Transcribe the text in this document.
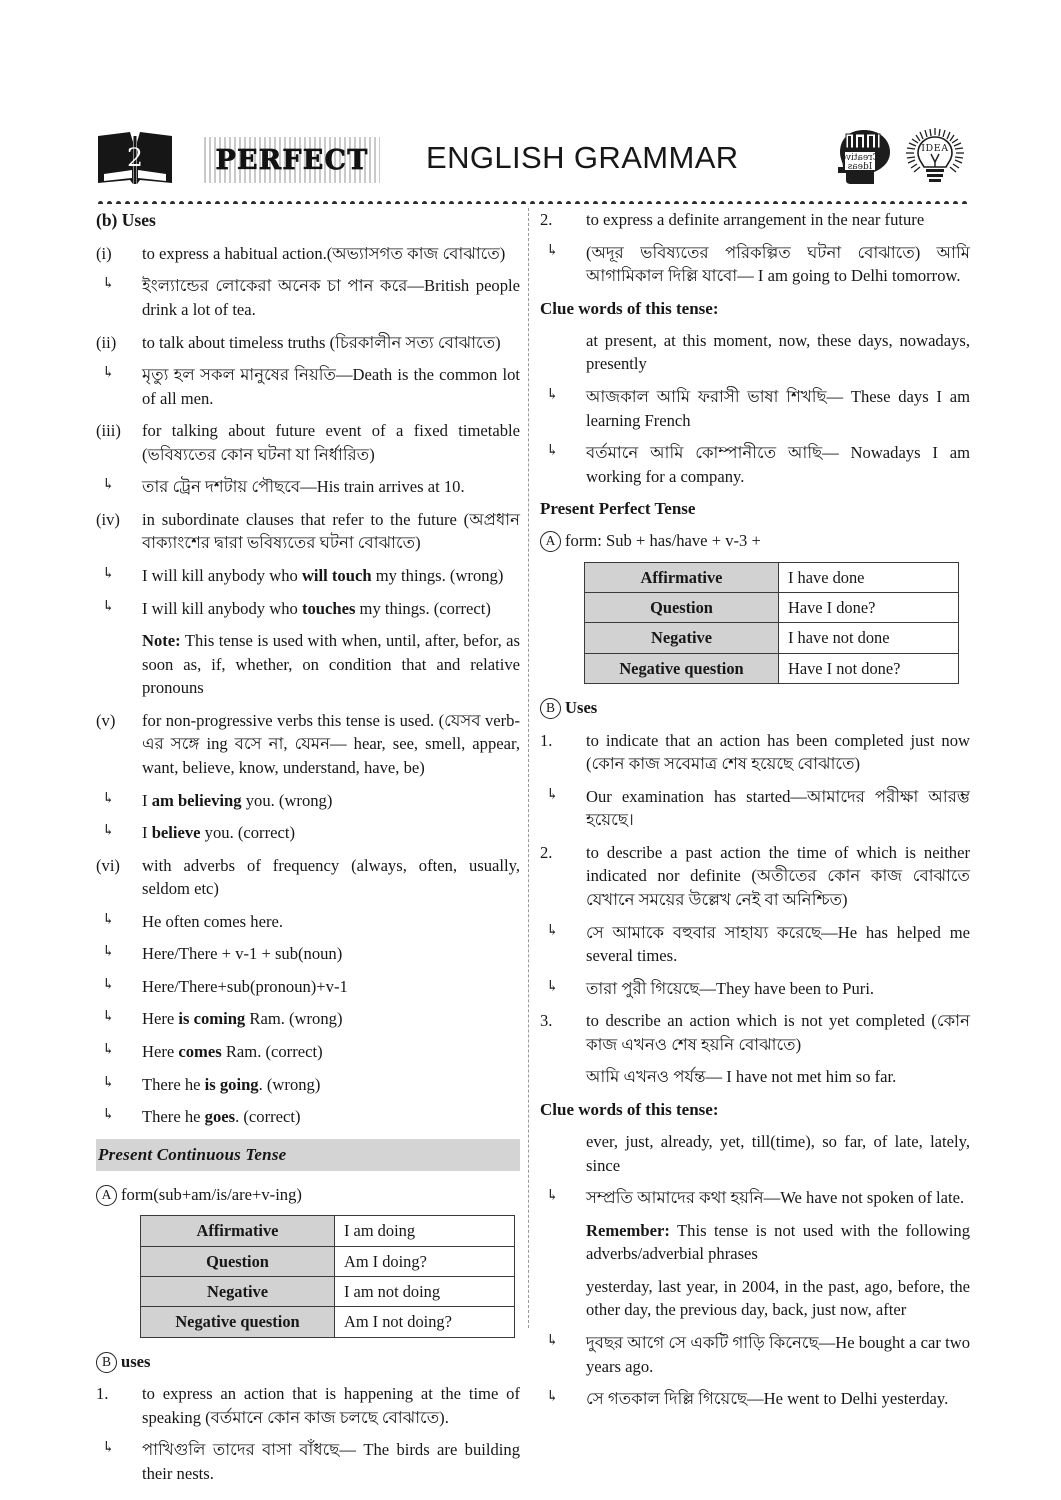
2	PERFECT ENGLISH GRAMMAR	Creative
Ideas
IDEA
(b) Uses
(i)	to express a habitual action.(অভ্যাসগত কাজ বোঝাতে)
↳	ইংল্যান্ডের লোকেরা অনেক চা পান করে—British people drink a lot of tea.
(ii)	to talk about timeless truths (চিরকালীন সত্য বোঝাতে)
↳	মৃত্যু হল সকল মানুষের নিয়তি—Death is the common lot of all men.
(iii)	for talking about future event of a fixed timetable (ভবিষ্যতের কোন ঘটনা যা নির্ধারিত)
↳	তার ট্রেন দশটায় পৌছবে—His train arrives at 10.
(iv)	in subordinate clauses that refer to the future (অপ্রধান বাক্যাংশের দ্বারা ভবিষ্যতের ঘটনা বোঝাতে)
↳	I will kill anybody who will touch my things. (wrong)
↳	I will kill anybody who touches my things. (correct)
Note: This tense is used with when, until, after, befor, as soon as, if, whether, on condition that and relative pronouns
(v)	for non-progressive verbs this tense is used. (যেসব verb-এর সঙ্গে ing বসে না, যেমন— hear, see, smell, appear, want, believe, know, understand, have, be)
↳	I am believing you. (wrong)
↳	I believe you. (correct)
(vi)	with adverbs of frequency (always, often, usually, seldom etc)
↳	He often comes here.
↳	Here/There + v-1 + sub(noun)
↳	Here/There+sub(pronoun)+v-1
↳	Here is coming Ram. (wrong)
↳	Here comes Ram. (correct)
↳	There he is going. (wrong)
↳	There he goes. (correct)
Present Continuous Tense
A form(sub+am/is/are+v-ing)
Affirmative	I am doing
Question	Am I doing?
Negative	I am not doing
Negative question	Am I not doing?
B uses
1.	to express an action that is happening at the time of speaking (বর্তমানে কোন কাজ চলছে বোঝাতে).
↳	পাখিগুলি তাদের বাসা বাঁধছে— The birds are building their nests.
2.	to express a definite arrangement in the near future
↳	(অদূর ভবিষ্যতের পরিকল্পিত ঘটনা বোঝাতে) আমি আগামিকাল দিল্লি যাবো— I am going to Delhi tomorrow.
Clue words of this tense:
at present, at this moment, now, these days, nowadays, presently
↳	আজকাল আমি ফরাসী ভাষা শিখছি— These days I am learning French
↳	বর্তমানে আমি কোম্পানীতে আছি— Nowadays I am working for a company.
Present Perfect Tense
A form: Sub + has/have + v-3 +
Affirmative	I have done
Question	Have I done?
Negative	I have not done
Negative question	Have I not done?
B Uses
1.	to indicate that an action has been completed just now (কোন কাজ সবেমাত্র শেষ হয়েছে বোঝাতে)
↳	Our examination has started—আমাদের পরীক্ষা আরম্ভ হয়েছে।
2.	to describe a past action the time of which is neither indicated nor definite (অতীতের কোন কাজ বোঝাতে যেখানে সময়ের উল্লেখ নেই বা অনিশ্চিত)
↳	সে আমাকে বহুবার সাহায্য করেছে—He has helped me several times.
↳	তারা পুরী গিয়েছে—They have been to Puri.
3.	to describe an action which is not yet completed (কোন কাজ এখনও শেষ হয়নি বোঝাতে)
আমি এখনও পর্যন্ত— I have not met him so far.
Clue words of this tense:
ever, just, already, yet, till(time), so far, of late, lately, since
↳	সম্প্রতি আমাদের কথা হয়নি—We have not spoken of late.
Remember: This tense is not used with the following adverbs/adverbial phrases
yesterday, last year, in 2004, in the past, ago, before, the other day, the previous day, back, just now, after
↳	দুবছর আগে সে একটি গাড়ি কিনেছে—He bought a car two years ago.
↳	সে গতকাল দিল্লি গিয়েছে—He went to Delhi yesterday.
